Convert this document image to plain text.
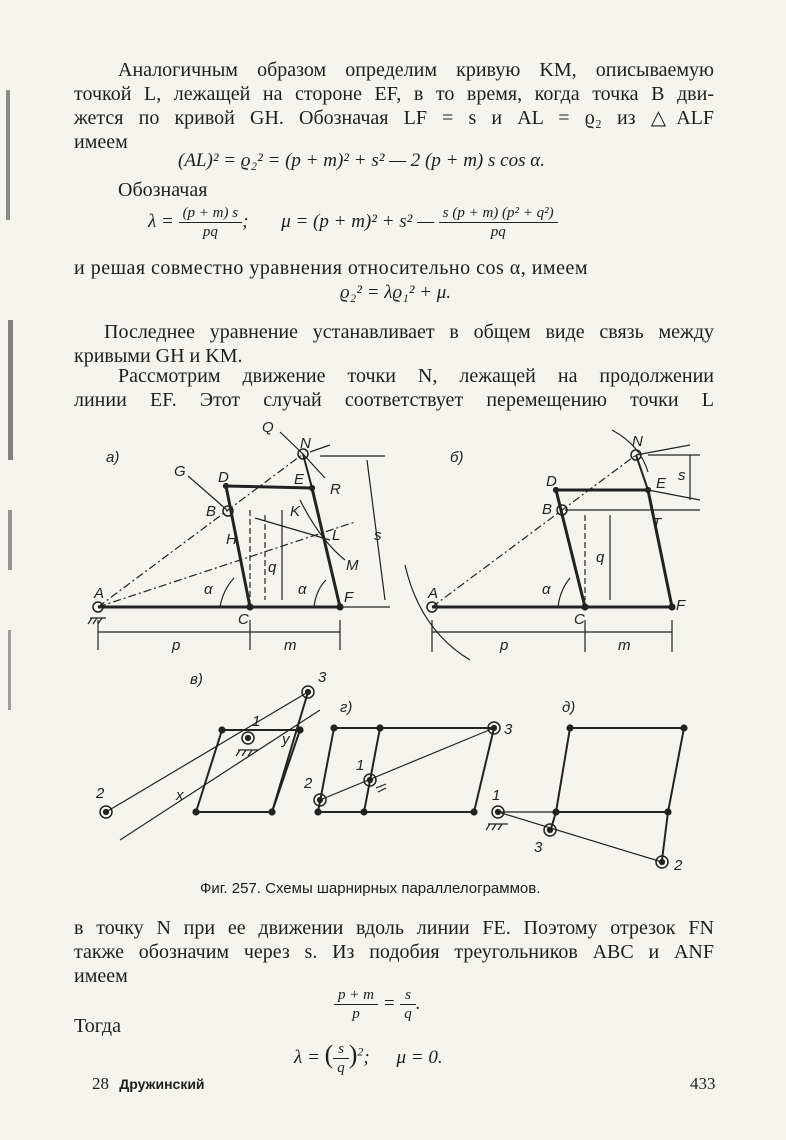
Аналогичным образом определим кривую KM, описываемую
точкой L, лежащей на стороне EF, в то время, когда точка B дви-
жется по кривой GH. Обозначая LF = s и AL = ϱ₂ из △ALF
имеем
(AL)² = ϱ₂² = (p + m)² + s² — 2 (p + m) s cos α.
Обозначая
$\lambda = \frac{(p + m) s}{pq}$ ; μ = (p + m)² + s² — $\frac{\text{s (p + m) (p² + q²)}}{pq}$
и решая совместно уравнения относительно cos α, имеем
ϱ₂² = λϱ₁² + μ.
Последнее уравнение устанавливает в общем виде связь между
кривыми GH и KM.
Рассмотрим движение точки N, лежащей на продолжении
линии EF. Этот случай соответствует перемещению точки L
а)
Q
N
G D	E
R
B	K
H
q
L
M
s
α	α
A
C
F
p	m
б)
N
s
D	E
B
T
q
α
A
C
F
p	m
в)	3
1
2	x
y
г)
3
1
2
д)
1
3
2
Фиг. 257. Схемы шарнирных параллелограммов.
в точку N при ее движении вдоль линии FE. Поэтому отрезок FN
также обозначим через s. Из подобия треугольников ABC и ANF
имеем
$\frac{p + m}{p} = \frac{s}{q}$ .
Тогда
λ = ( $\frac{s}{q} )^2$; μ = 0.
28 Дружинский	433
